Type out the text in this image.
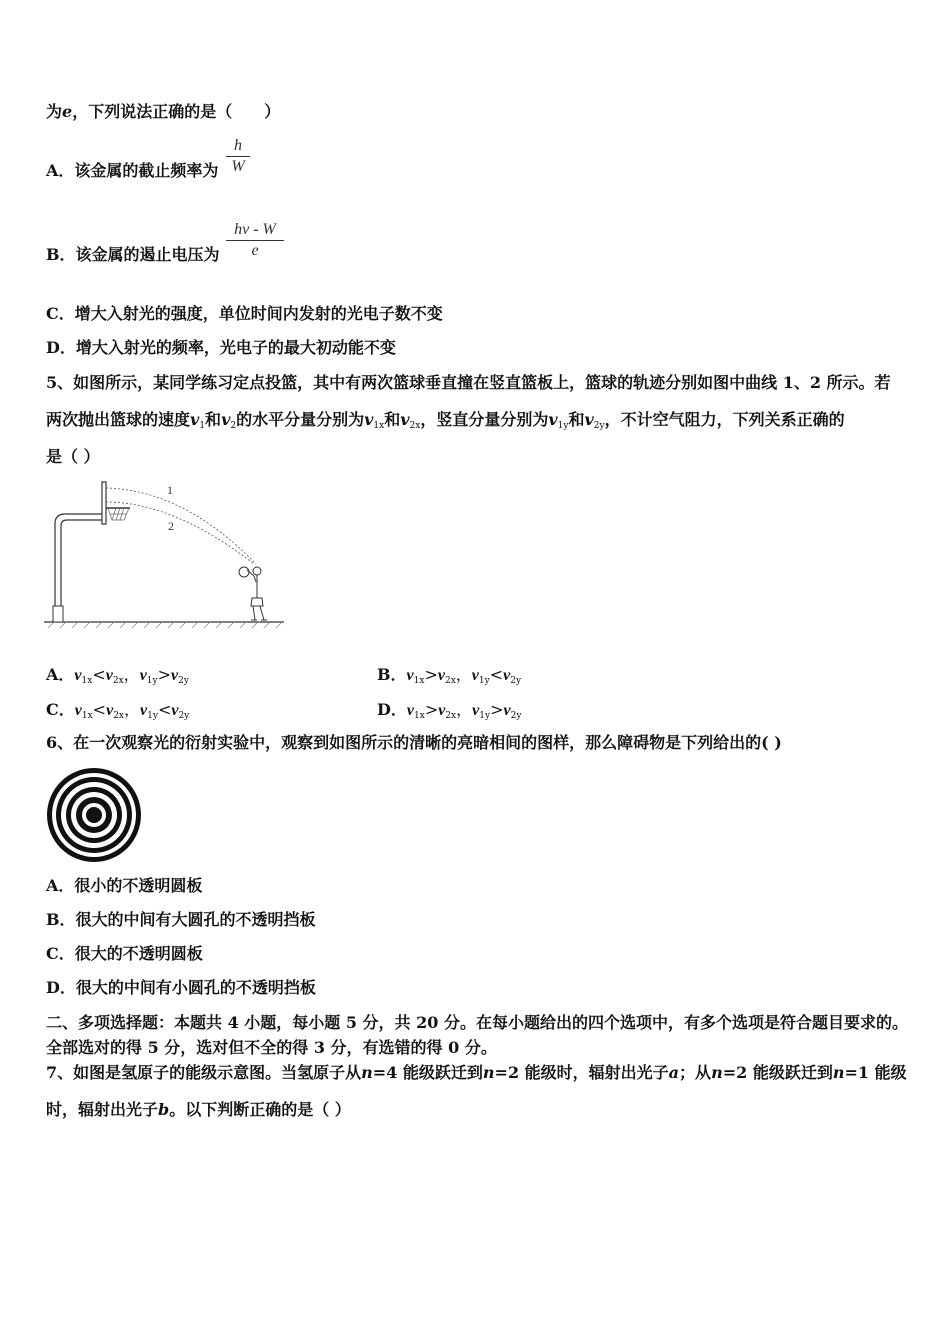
为e，下列说法正确的是（　　）
A．该金属的截止频率为
h
W
B．该金属的遏止电压为
hν - W
e
C．增大入射光的强度，单位时间内发射的光电子数不变
D．增大入射光的频率，光电子的最大初动能不变
5、如图所示，某同学练习定点投篮，其中有两次篮球垂直撞在竖直篮板上，篮球的轨迹分别如图中曲线 1、2 所示。若
两次抛出篮球的速度$v_1$和$v_2$的水平分量分别为$v_{1x}$和$v_{2x}$，竖直分量分别为$v_{1y}$和$v_{2y}$，不计空气阻力，下列关系正确的
是（ ）
1
2
A．$v_{1x}<v_{2x}$，$v_{1y}>v_{2y}$	B．$v_{1x}>v_{2x}$，$v_{1y}<v_{2y}$
C．$v_{1x}<v_{2x}$，$v_{1y}<v_{2y}$	D．$v_{1x}>v_{2x}$，$v_{1y}>v_{2y}$
6、在一次观察光的衍射实验中，观察到如图所示的清晰的亮暗相间的图样，那么障碍物是下列给出的( )
A．很小的不透明圆板
B．很大的中间有大圆孔的不透明挡板
C．很大的不透明圆板
D．很大的中间有小圆孔的不透明挡板
二、多项选择题：本题共 4 小题，每小题 5 分，共 20 分。在每小题给出的四个选项中，有多个选项是符合题目要求的。
全部选对的得 5 分，选对但不全的得 3 分，有选错的得 0 分。
7、如图是氢原子的能级示意图。当氢原子从n=4 能级跃迁到n=2 能级时，辐射出光子a；从n=2 能级跃迁到n=1 能级
时，辐射出光子b。以下判断正确的是（ ）
